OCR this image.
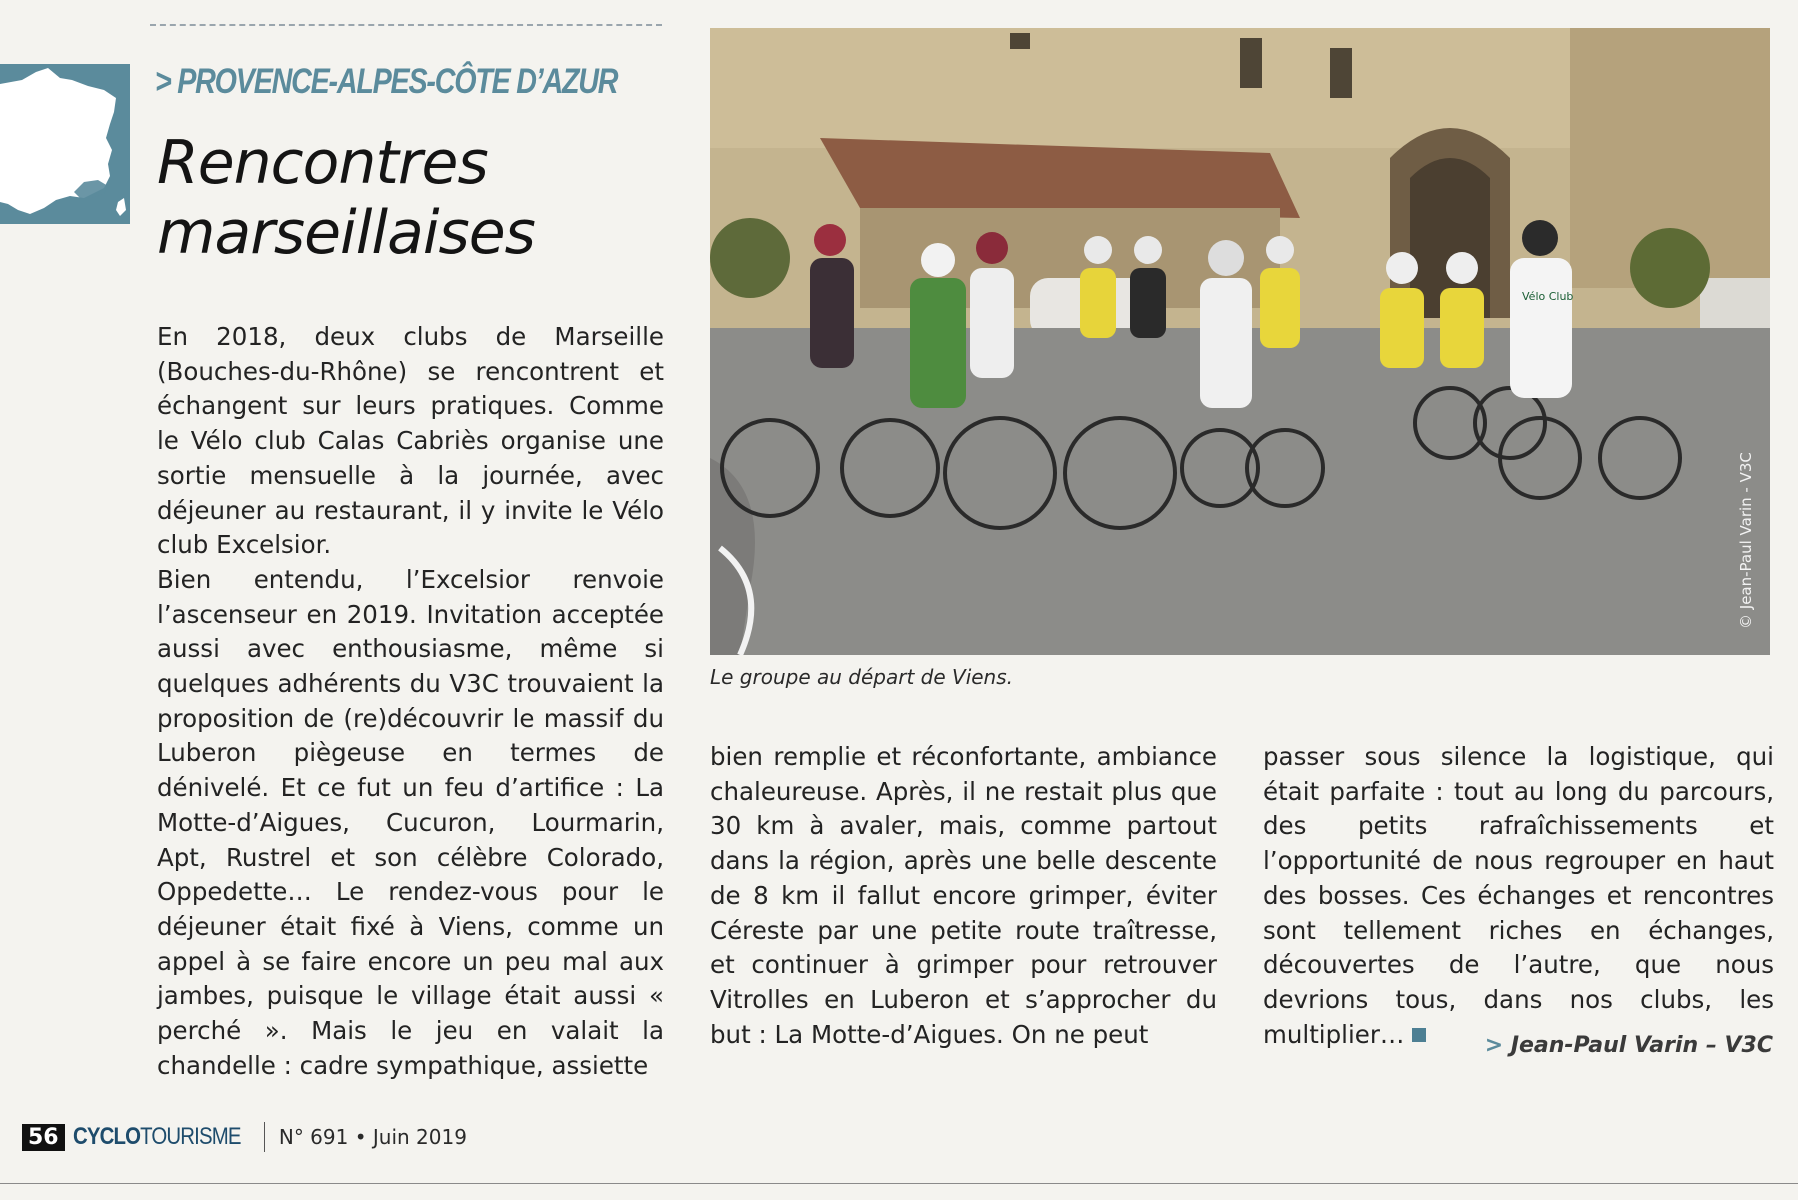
> PROVENCE-ALPES-CÔTE D’AZUR
Rencontres marseillaises

En 2018, deux clubs de Marseille (Bouches-du-Rhône) se rencontrent et échangent sur leurs pratiques. Comme le Vélo club Calas Cabriès organise une sortie mensuelle à la journée, avec déjeuner au restaurant, il y invite le Vélo club Excelsior.

Bien entendu, l’Excelsior renvoie l’ascenseur en 2019. Invitation acceptée aussi avec enthousiasme, même si quelques adhérents du V3C trouvaient la proposition de (re)découvrir le massif du Luberon piègeuse en termes de dénivelé. Et ce fut un feu d’artifice : La Motte-d’Aigues, Cucuron, Lourmarin, Apt, Rustrel et son célèbre Colorado, Oppedette… Le rendez-vous pour le déjeuner était fixé à Viens, comme un appel à se faire encore un peu mal aux jambes, puisque le village était aussi « perché ». Mais le jeu en valait la chandelle : cadre sympathique, assiette

Vélo Club
© Jean-Paul Varin - V3C
Le groupe au départ de Viens.

bien remplie et réconfortante, ambiance chaleureuse. Après, il ne restait plus que 30 km à avaler, mais, comme partout dans la région, après une belle descente de 8 km il fallut encore grimper, éviter Céreste par une petite route traîtresse, et continuer à grimper pour retrouver Vitrolles en Luberon et s’approcher du but : La Motte-d’Aigues. On ne peut

passer sous silence la logistique, qui était parfaite : tout au long du parcours, des petits rafraîchissements et l’opportunité de nous regrouper en haut des bosses. Ces échanges et rencontres sont tellement riches en échanges, découvertes de l’autre, que nous devrions tous, dans nos clubs, les multiplier…	> Jean-Paul Varin – V3C
56 CYCLOTOURISME N° 691 • Juin 2019
